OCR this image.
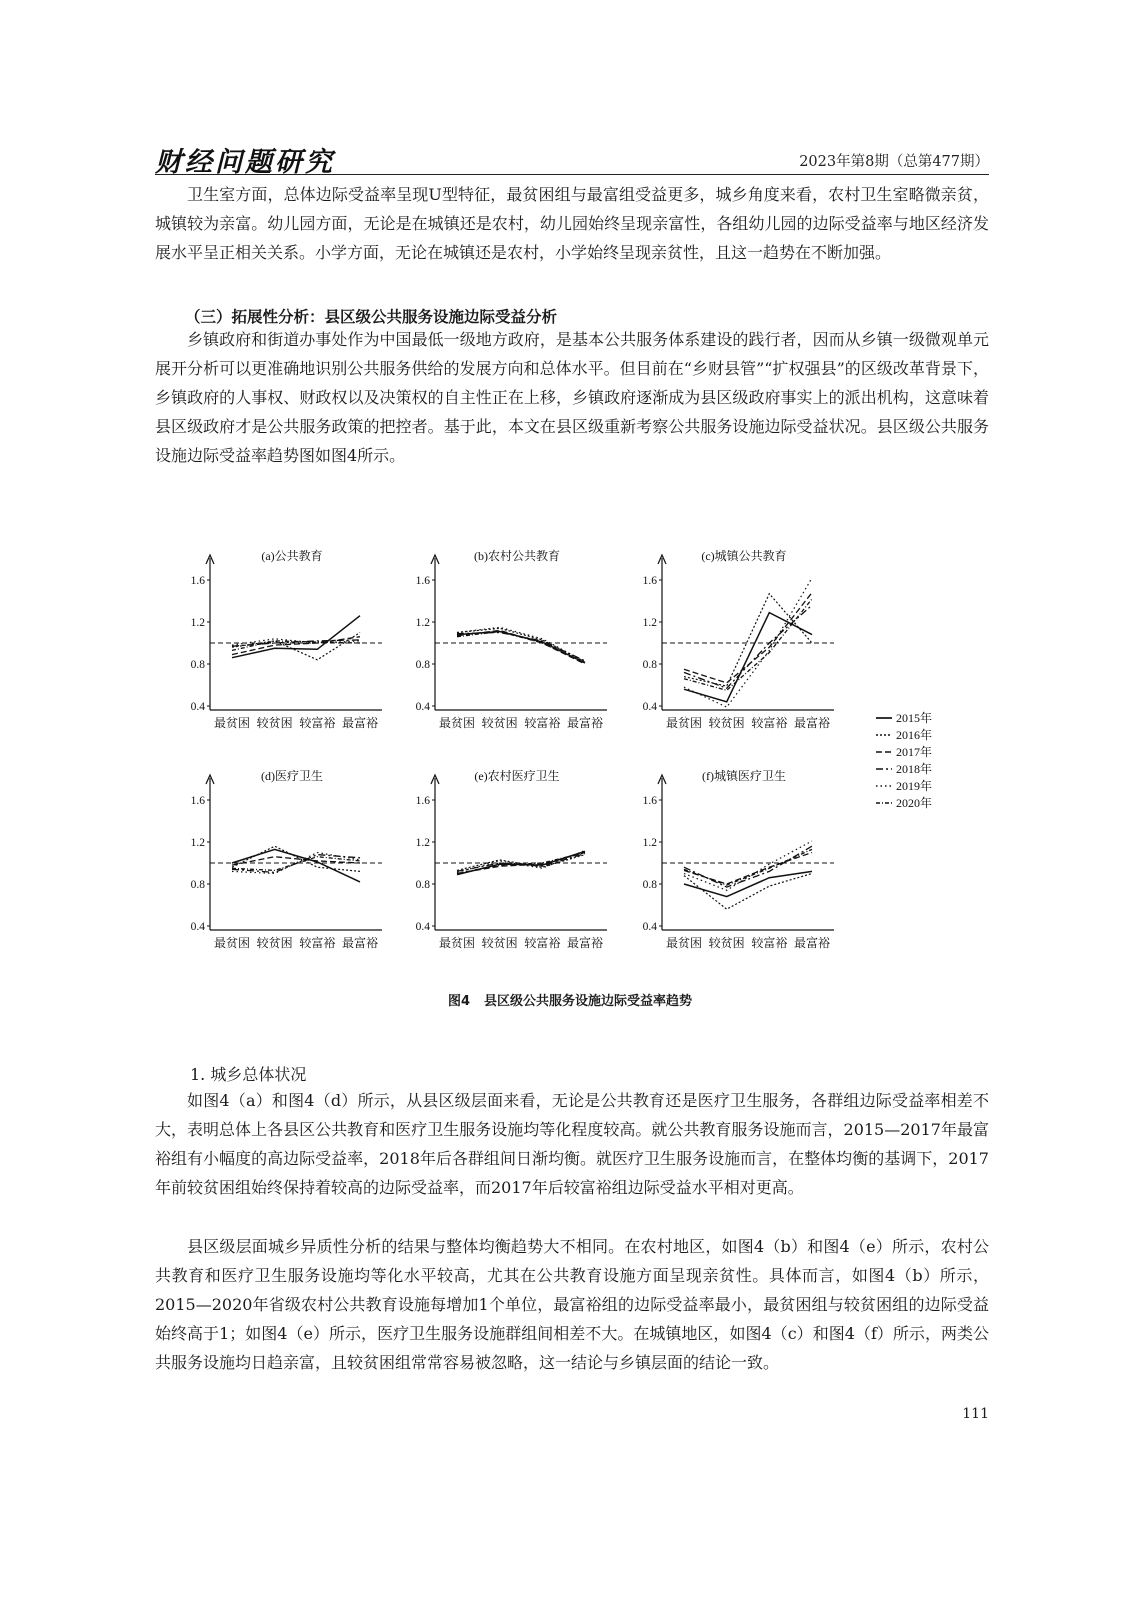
财经问题研究	2023年第8期（总第477期）

卫生室方面，总体边际受益率呈现U型特征，最贫困组与最富组受益更多，城乡角度来看，农村卫生室略微亲贫，城镇较为亲富。幼儿园方面，无论是在城镇还是农村，幼儿园始终呈现亲富性，各组幼儿园的边际受益率与地区经济发展水平呈正相关关系。小学方面，无论在城镇还是农村，小学始终呈现亲贫性，且这一趋势在不断加强。

（三）拓展性分析：县区级公共服务设施边际受益分析

乡镇政府和街道办事处作为中国最低一级地方政府，是基本公共服务体系建设的践行者，因而从乡镇一级微观单元展开分析可以更准确地识别公共服务供给的发展方向和总体水平。但目前在“乡财县管”“扩权强县”的区级改革背景下，乡镇政府的人事权、财政权以及决策权的自主性正在上移，乡镇政府逐渐成为县区级政府事实上的派出机构，这意味着县区级政府才是公共服务政策的把控者。基于此，本文在县区级重新考察公共服务设施边际受益状况。县区级公共服务设施边际受益率趋势图如图4所示。

(a)公共教育
0.4
0.8
1.2
1.6
最贫困 较贫困 较富裕 最富裕
(b)农村公共教育
0.4
0.8
1.2
1.6
最贫困 较贫困 较富裕 最富裕
(c)城镇公共教育
0.4
0.8
1.2
1.6
最贫困 较贫困 较富裕 最富裕
(d)医疗卫生
0.4
0.8
1.2
1.6
最贫困 较贫困 较富裕 最富裕
(e)农村医疗卫生
0.4
0.8
1.2
1.6
最贫困 较贫困 较富裕 最富裕
(f)城镇医疗卫生
0.4
0.8
1.2
1.6
最贫困 较贫困 较富裕 最富裕
2015年
2016年
2017年
2018年
2019年
2020年
图4 县区级公共服务设施边际受益率趋势
1. 城乡总体状况

如图4（a）和图4（d）所示，从县区级层面来看，无论是公共教育还是医疗卫生服务，各群组边际受益率相差不大，表明总体上各县区公共教育和医疗卫生服务设施均等化程度较高。就公共教育服务设施而言，2015—2017年最富裕组有小幅度的高边际受益率，2018年后各群组间日渐均衡。就医疗卫生服务设施而言，在整体均衡的基调下，2017年前较贫困组始终保持着较高的边际受益率，而2017年后较富裕组边际受益水平相对更高。

县区级层面城乡异质性分析的结果与整体均衡趋势大不相同。在农村地区，如图4（b）和图4（e）所示，农村公共教育和医疗卫生服务设施均等化水平较高，尤其在公共教育设施方面呈现亲贫性。具体而言，如图4（b）所示，2015—2020年省级农村公共教育设施每增加1个单位，最富裕组的边际受益率最小，最贫困组与较贫困组的边际受益始终高于1；如图4（e）所示，医疗卫生服务设施群组间相差不大。在城镇地区，如图4（c）和图4（f）所示，两类公共服务设施均日趋亲富，且较贫困组常常容易被忽略，这一结论与乡镇层面的结论一致。

111
